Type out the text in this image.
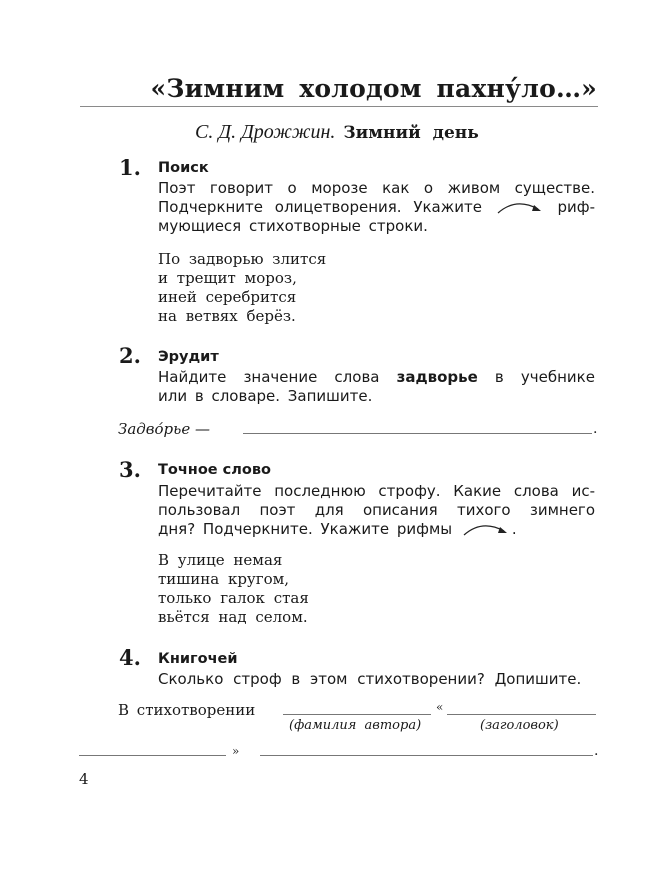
«Зимним холодом пахну́ло…»
С. Д. Дрожжин. Зимний день
1. Поиск
Поэт говорит о морозе как о живом существе.
Подчеркните олицетворения. Укажите	риф-
мующиеся стихотворные строки.
По задворью злится
и трещит мороз,
иней серебрится
на ветвях берёз.
2. Эрудит
Найдите значение слова задворье в учебнике
или в словаре. Запишите.
Задво́рье —	.
3. Точное слово
Перечитайте последнюю строфу. Какие слова ис-
пользовал поэт для описания тихого зимнего
дня? Подчеркните. Укажите рифмы	.
В улице немая
тишина кругом,
только галок стая
вьётся над селом.
4. Книгочей
Сколько строф в этом стихотворении? Допишите.
В стихотворении
(фамилия автора)
«
(заголовок)
»	.
4
